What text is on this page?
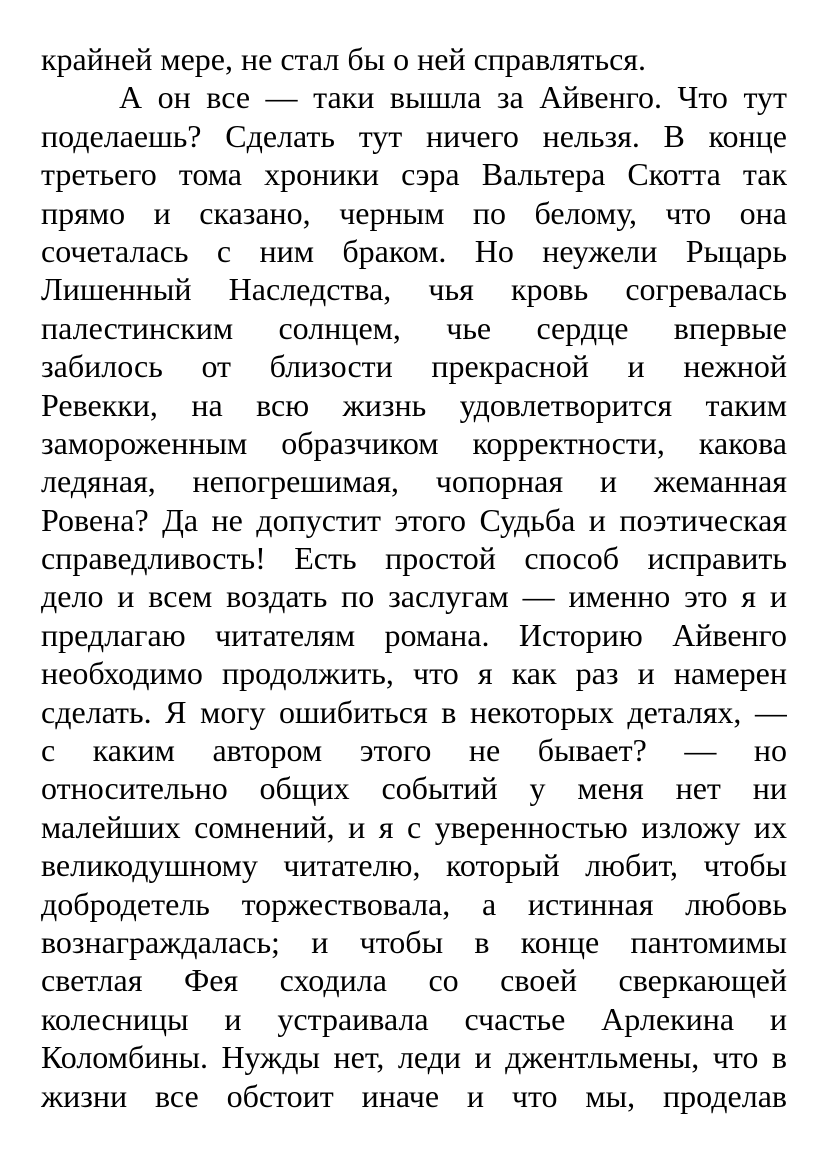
крайней мере, не стал бы о ней справляться.
А он все — таки вышла за Айвенго. Что тут
поделаешь? Сделать тут ничего нельзя. В конце
третьего тома хроники сэра Вальтера Скотта так
прямо и сказано, черным по белому, что она
сочеталась с ним браком. Но неужели Рыцарь
Лишенный Наследства, чья кровь согревалась
палестинским солнцем, чье сердце впервые
забилось от близости прекрасной и нежной
Ревекки, на всю жизнь удовлетворится таким
замороженным образчиком корректности, какова
ледяная, непогрешимая, чопорная и жеманная
Ровена? Да не допустит этого Судьба и поэтическая
справедливость! Есть простой способ исправить
дело и всем воздать по заслугам — именно это я и
предлагаю читателям романа. Историю Айвенго
необходимо продолжить, что я как раз и намерен
сделать. Я могу ошибиться в некоторых деталях, —
с каким автором этого не бывает? — но
относительно общих событий у меня нет ни
малейших сомнений, и я с уверенностью изложу их
великодушному читателю, который любит, чтобы
добродетель торжествовала, а истинная любовь
вознаграждалась; и чтобы в конце пантомимы
светлая Фея сходила со своей сверкающей
колесницы и устраивала счастье Арлекина и
Коломбины. Нужды нет, леди и джентльмены, что в
жизни все обстоит иначе и что мы, проделав
